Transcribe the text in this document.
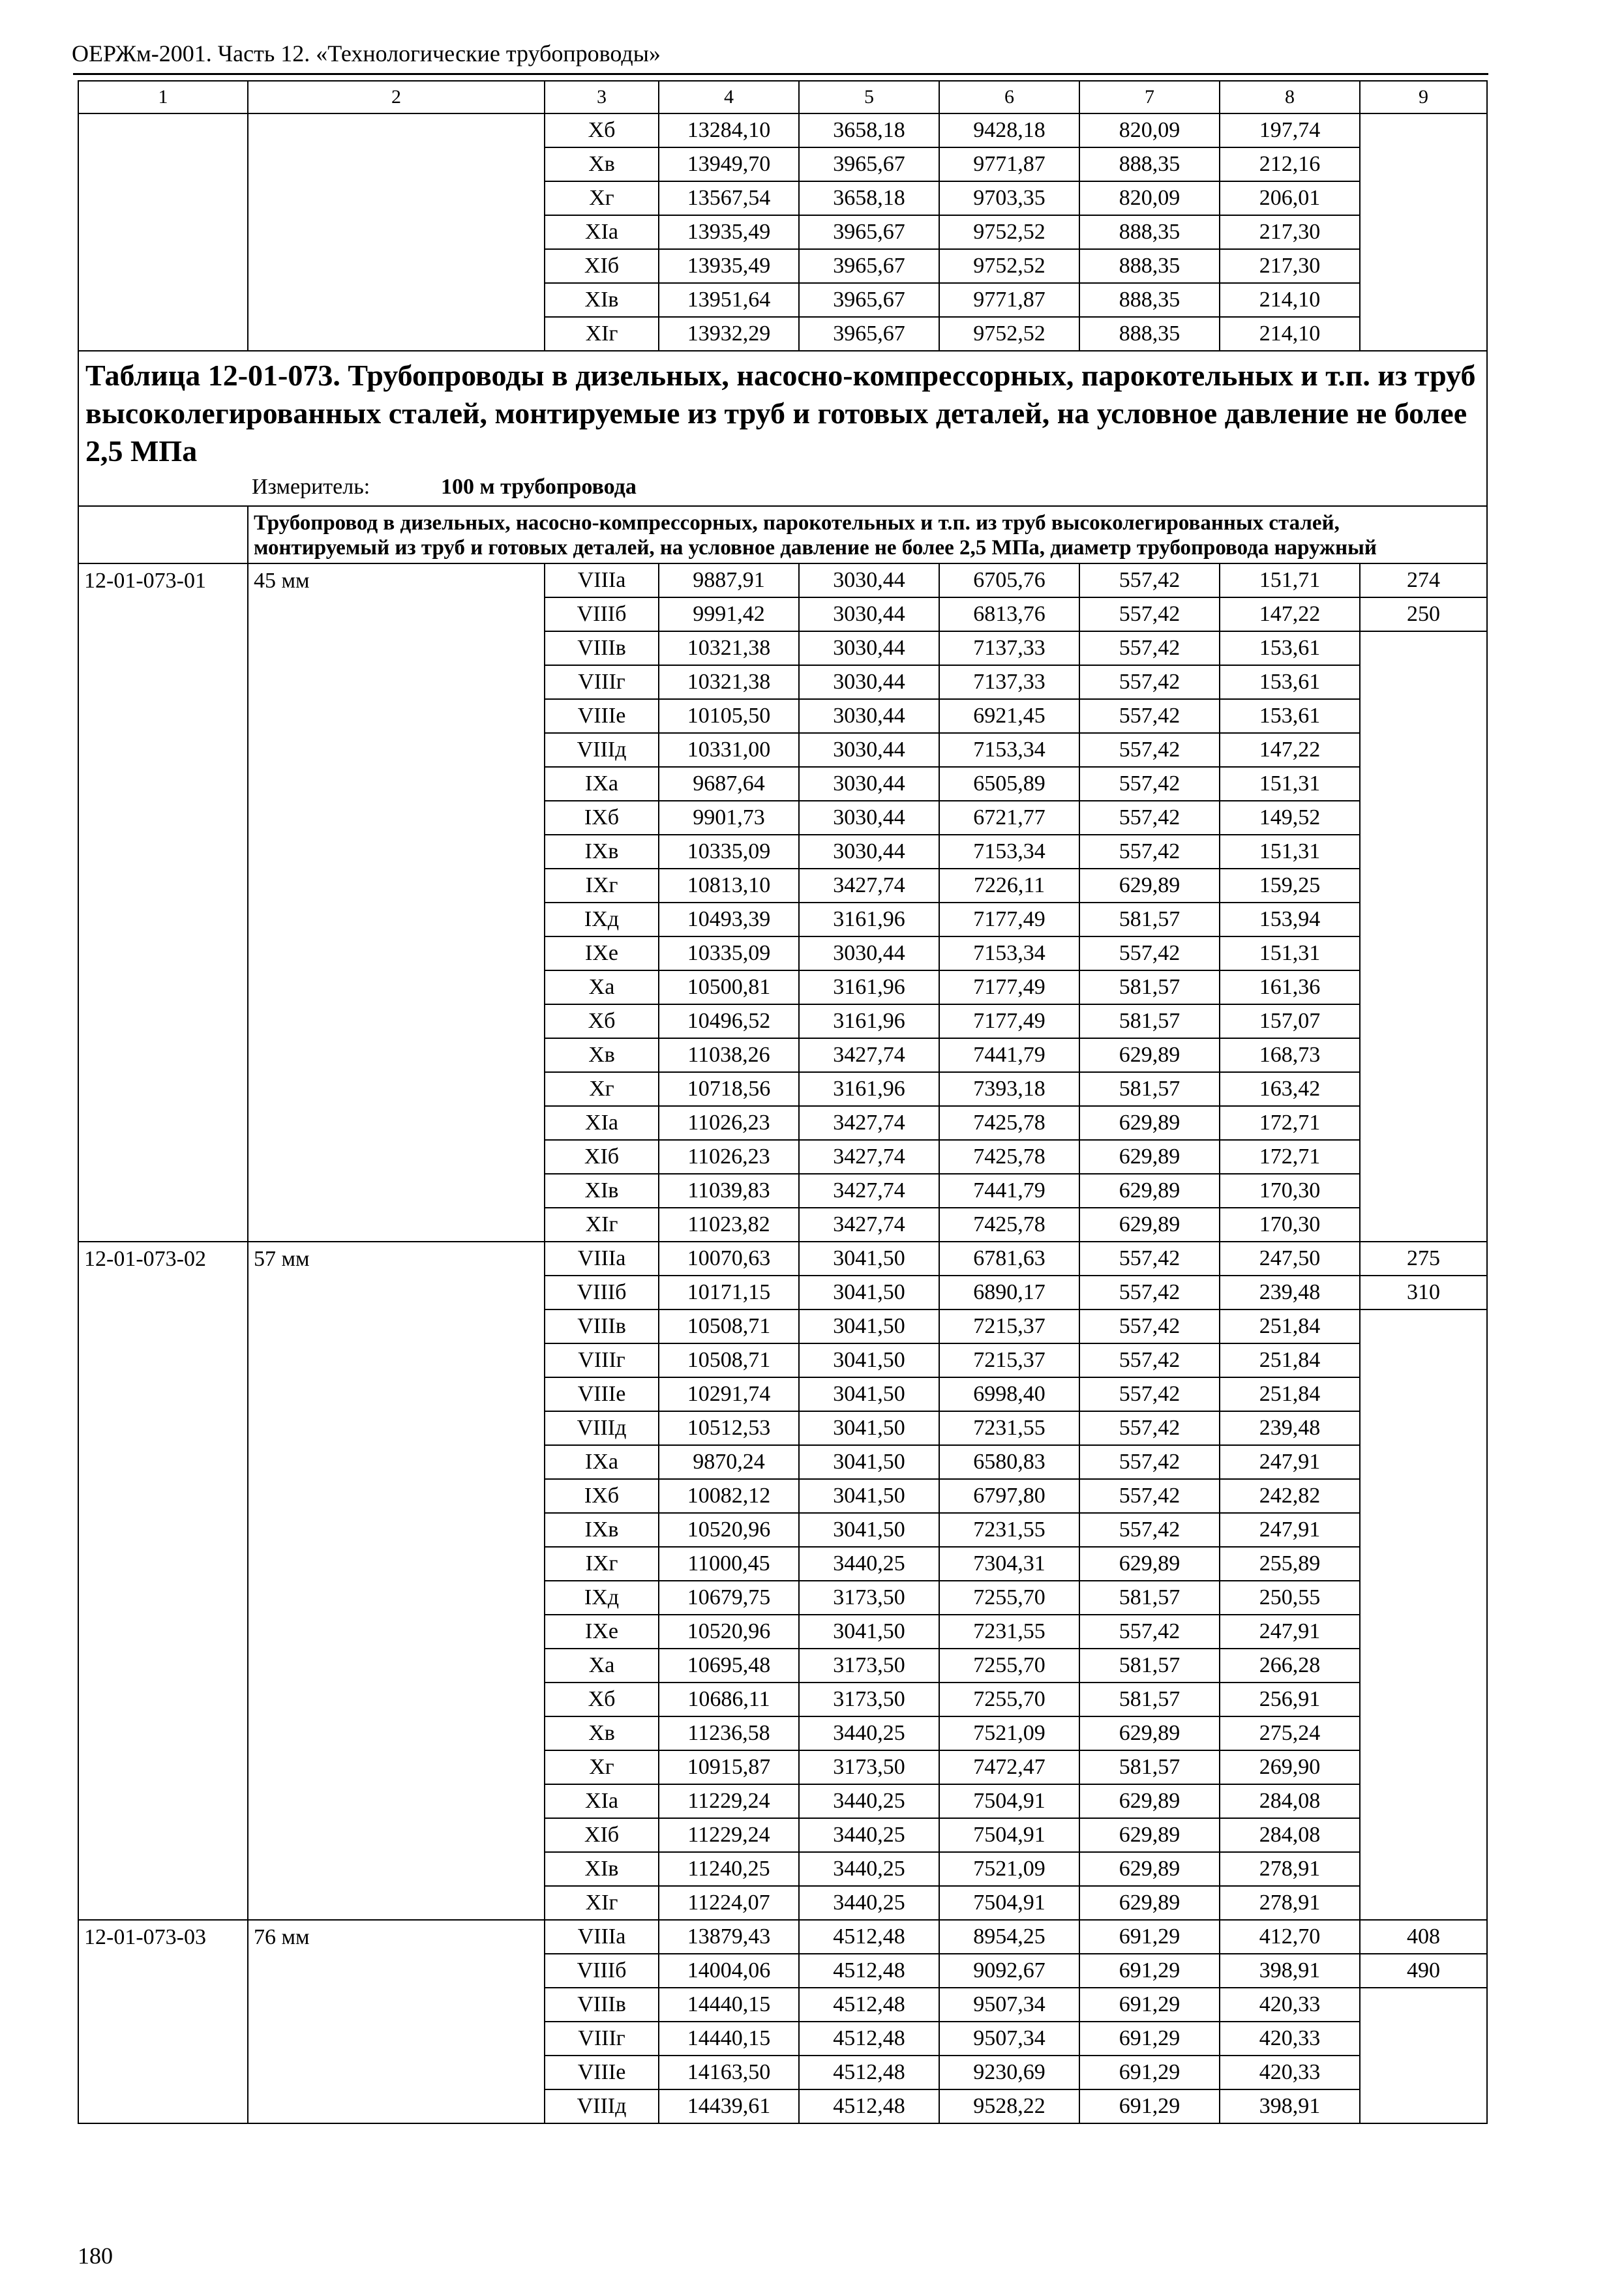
ОЕРЖм-2001. Часть 12. «Технологические трубопроводы»
1	2	3	4	5	6	7	8	9
		Xб	13284,10	3658,18	9428,18	820,09	197,74	
		Xв	13949,70	3965,67	9771,87	888,35	212,16	
		Xг	13567,54	3658,18	9703,35	820,09	206,01	
		XIа	13935,49	3965,67	9752,52	888,35	217,30	
		XIб	13935,49	3965,67	9752,52	888,35	217,30	
		XIв	13951,64	3965,67	9771,87	888,35	214,10	
		XIг	13932,29	3965,67	9752,52	888,35	214,10	

Таблица 12-01-073. Трубопроводы в дизельных, насосно-компрессорных, парокотельных и т.п. из труб высоколегированных сталей, монтируемые из труб и готовых деталей, на условное давление не более 2,5 МПа
Измеритель: 100 м трубопровода								

	Трубопровод в дизельных, насосно-компрессорных, парокотельных и т.п. из труб высоколегированных сталей, монтируемый из труб и готовых деталей, на условное давление не более 2,5 МПа, диаметр трубопровода наружный							
12-01-073-01	45 мм	VIIIа	9887,91	3030,44	6705,76	557,42	151,71	274
		VIIIб	9991,42	3030,44	6813,76	557,42	147,22	250
		VIIIв	10321,38	3030,44	7137,33	557,42	153,61	
		VIIIг	10321,38	3030,44	7137,33	557,42	153,61	
		VIIIе	10105,50	3030,44	6921,45	557,42	153,61	
		VIIIд	10331,00	3030,44	7153,34	557,42	147,22	
		IXа	9687,64	3030,44	6505,89	557,42	151,31	
		IXб	9901,73	3030,44	6721,77	557,42	149,52	
		IXв	10335,09	3030,44	7153,34	557,42	151,31	
		IXг	10813,10	3427,74	7226,11	629,89	159,25	
		IXд	10493,39	3161,96	7177,49	581,57	153,94	
		IXе	10335,09	3030,44	7153,34	557,42	151,31	
		Xа	10500,81	3161,96	7177,49	581,57	161,36	
		Xб	10496,52	3161,96	7177,49	581,57	157,07	
		Xв	11038,26	3427,74	7441,79	629,89	168,73	
		Xг	10718,56	3161,96	7393,18	581,57	163,42	
		XIа	11026,23	3427,74	7425,78	629,89	172,71	
		XIб	11026,23	3427,74	7425,78	629,89	172,71	
		XIв	11039,83	3427,74	7441,79	629,89	170,30	
		XIг	11023,82	3427,74	7425,78	629,89	170,30	
12-01-073-02	57 мм	VIIIа	10070,63	3041,50	6781,63	557,42	247,50	275
		VIIIб	10171,15	3041,50	6890,17	557,42	239,48	310
		VIIIв	10508,71	3041,50	7215,37	557,42	251,84	
		VIIIг	10508,71	3041,50	7215,37	557,42	251,84	
		VIIIе	10291,74	3041,50	6998,40	557,42	251,84	
		VIIIд	10512,53	3041,50	7231,55	557,42	239,48	
		IXа	9870,24	3041,50	6580,83	557,42	247,91	
		IXб	10082,12	3041,50	6797,80	557,42	242,82	
		IXв	10520,96	3041,50	7231,55	557,42	247,91	
		IXг	11000,45	3440,25	7304,31	629,89	255,89	
		IXд	10679,75	3173,50	7255,70	581,57	250,55	
		IXе	10520,96	3041,50	7231,55	557,42	247,91	
		Xа	10695,48	3173,50	7255,70	581,57	266,28	
		Xб	10686,11	3173,50	7255,70	581,57	256,91	
		Xв	11236,58	3440,25	7521,09	629,89	275,24	
		Xг	10915,87	3173,50	7472,47	581,57	269,90	
		XIа	11229,24	3440,25	7504,91	629,89	284,08	
		XIб	11229,24	3440,25	7504,91	629,89	284,08	
		XIв	11240,25	3440,25	7521,09	629,89	278,91	
		XIг	11224,07	3440,25	7504,91	629,89	278,91	
12-01-073-03	76 мм	VIIIа	13879,43	4512,48	8954,25	691,29	412,70	408
		VIIIб	14004,06	4512,48	9092,67	691,29	398,91	490
		VIIIв	14440,15	4512,48	9507,34	691,29	420,33	
		VIIIг	14440,15	4512,48	9507,34	691,29	420,33	
		VIIIе	14163,50	4512,48	9230,69	691,29	420,33	
		VIIIд	14439,61	4512,48	9528,22	691,29	398,91	
180
